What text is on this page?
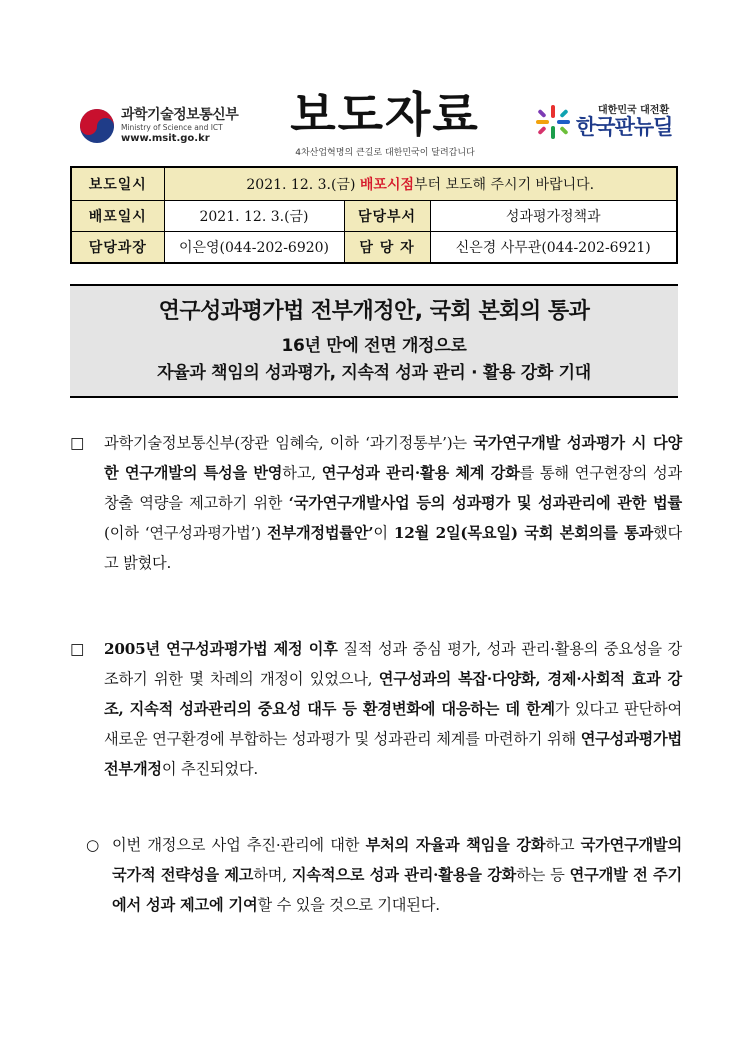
과학기술정보통신부
Ministry of Science and ICT
www.msit.go.kr	보도자료
4차산업혁명의 큰길로 대한민국이 달려갑니다
대한민국 대전환
한국판뉴딜
보도일시	2021. 12. 3.(금) 배포시점부터 보도해 주시기 바랍니다.		
배포일시	2021. 12. 3.(금)	담당부서	성과평가정책과
담당과장	이은영(044-202-6920)	담 당 자	신은경 사무관(044-202-6921)
연구성과평가법 전부개정안, 국회 본회의 통과
16년 만에 전면 개정으로
자율과 책임의 성과평가, 지속적 성과 관리 · 활용 강화 기대

□	과학기술정보통신부(장관 임혜숙, 이하 ‘과기정통부’)는 국가연구개발 성과평가 시 다양한 연구개발의 특성을 반영하고, 연구성과 관리·활용 체계 강화를 통해 연구현장의 성과창출 역량을 제고하기 위한 ‘국가연구개발사업 등의 성과평가 및 성과관리에 관한 법률(이하 ‘연구성과평가법’) 전부개정법률안’이 12월 2일(목요일) 국회 본회의를 통과했다고 밝혔다.

□	2005년 연구성과평가법 제정 이후 질적 성과 중심 평가, 성과 관리·활용의 중요성을 강조하기 위한 몇 차례의 개정이 있었으나, 연구성과의 복잡·다양화, 경제·사회적 효과 강조, 지속적 성과관리의 중요성 대두 등 환경변화에 대응하는 데 한계가 있다고 판단하여 새로운 연구환경에 부합하는 성과평가 및 성과관리 체계를 마련하기 위해 연구성과평가법 전부개정이 추진되었다.

○ 이번 개정으로 사업 추진·관리에 대한 부처의 자율과 책임을 강화하고 국가연구개발의 국가적 전략성을 제고하며, 지속적으로 성과 관리·활용을 강화하는 등 연구개발 전 주기에서 성과 제고에 기여할 수 있을 것으로 기대된다.
